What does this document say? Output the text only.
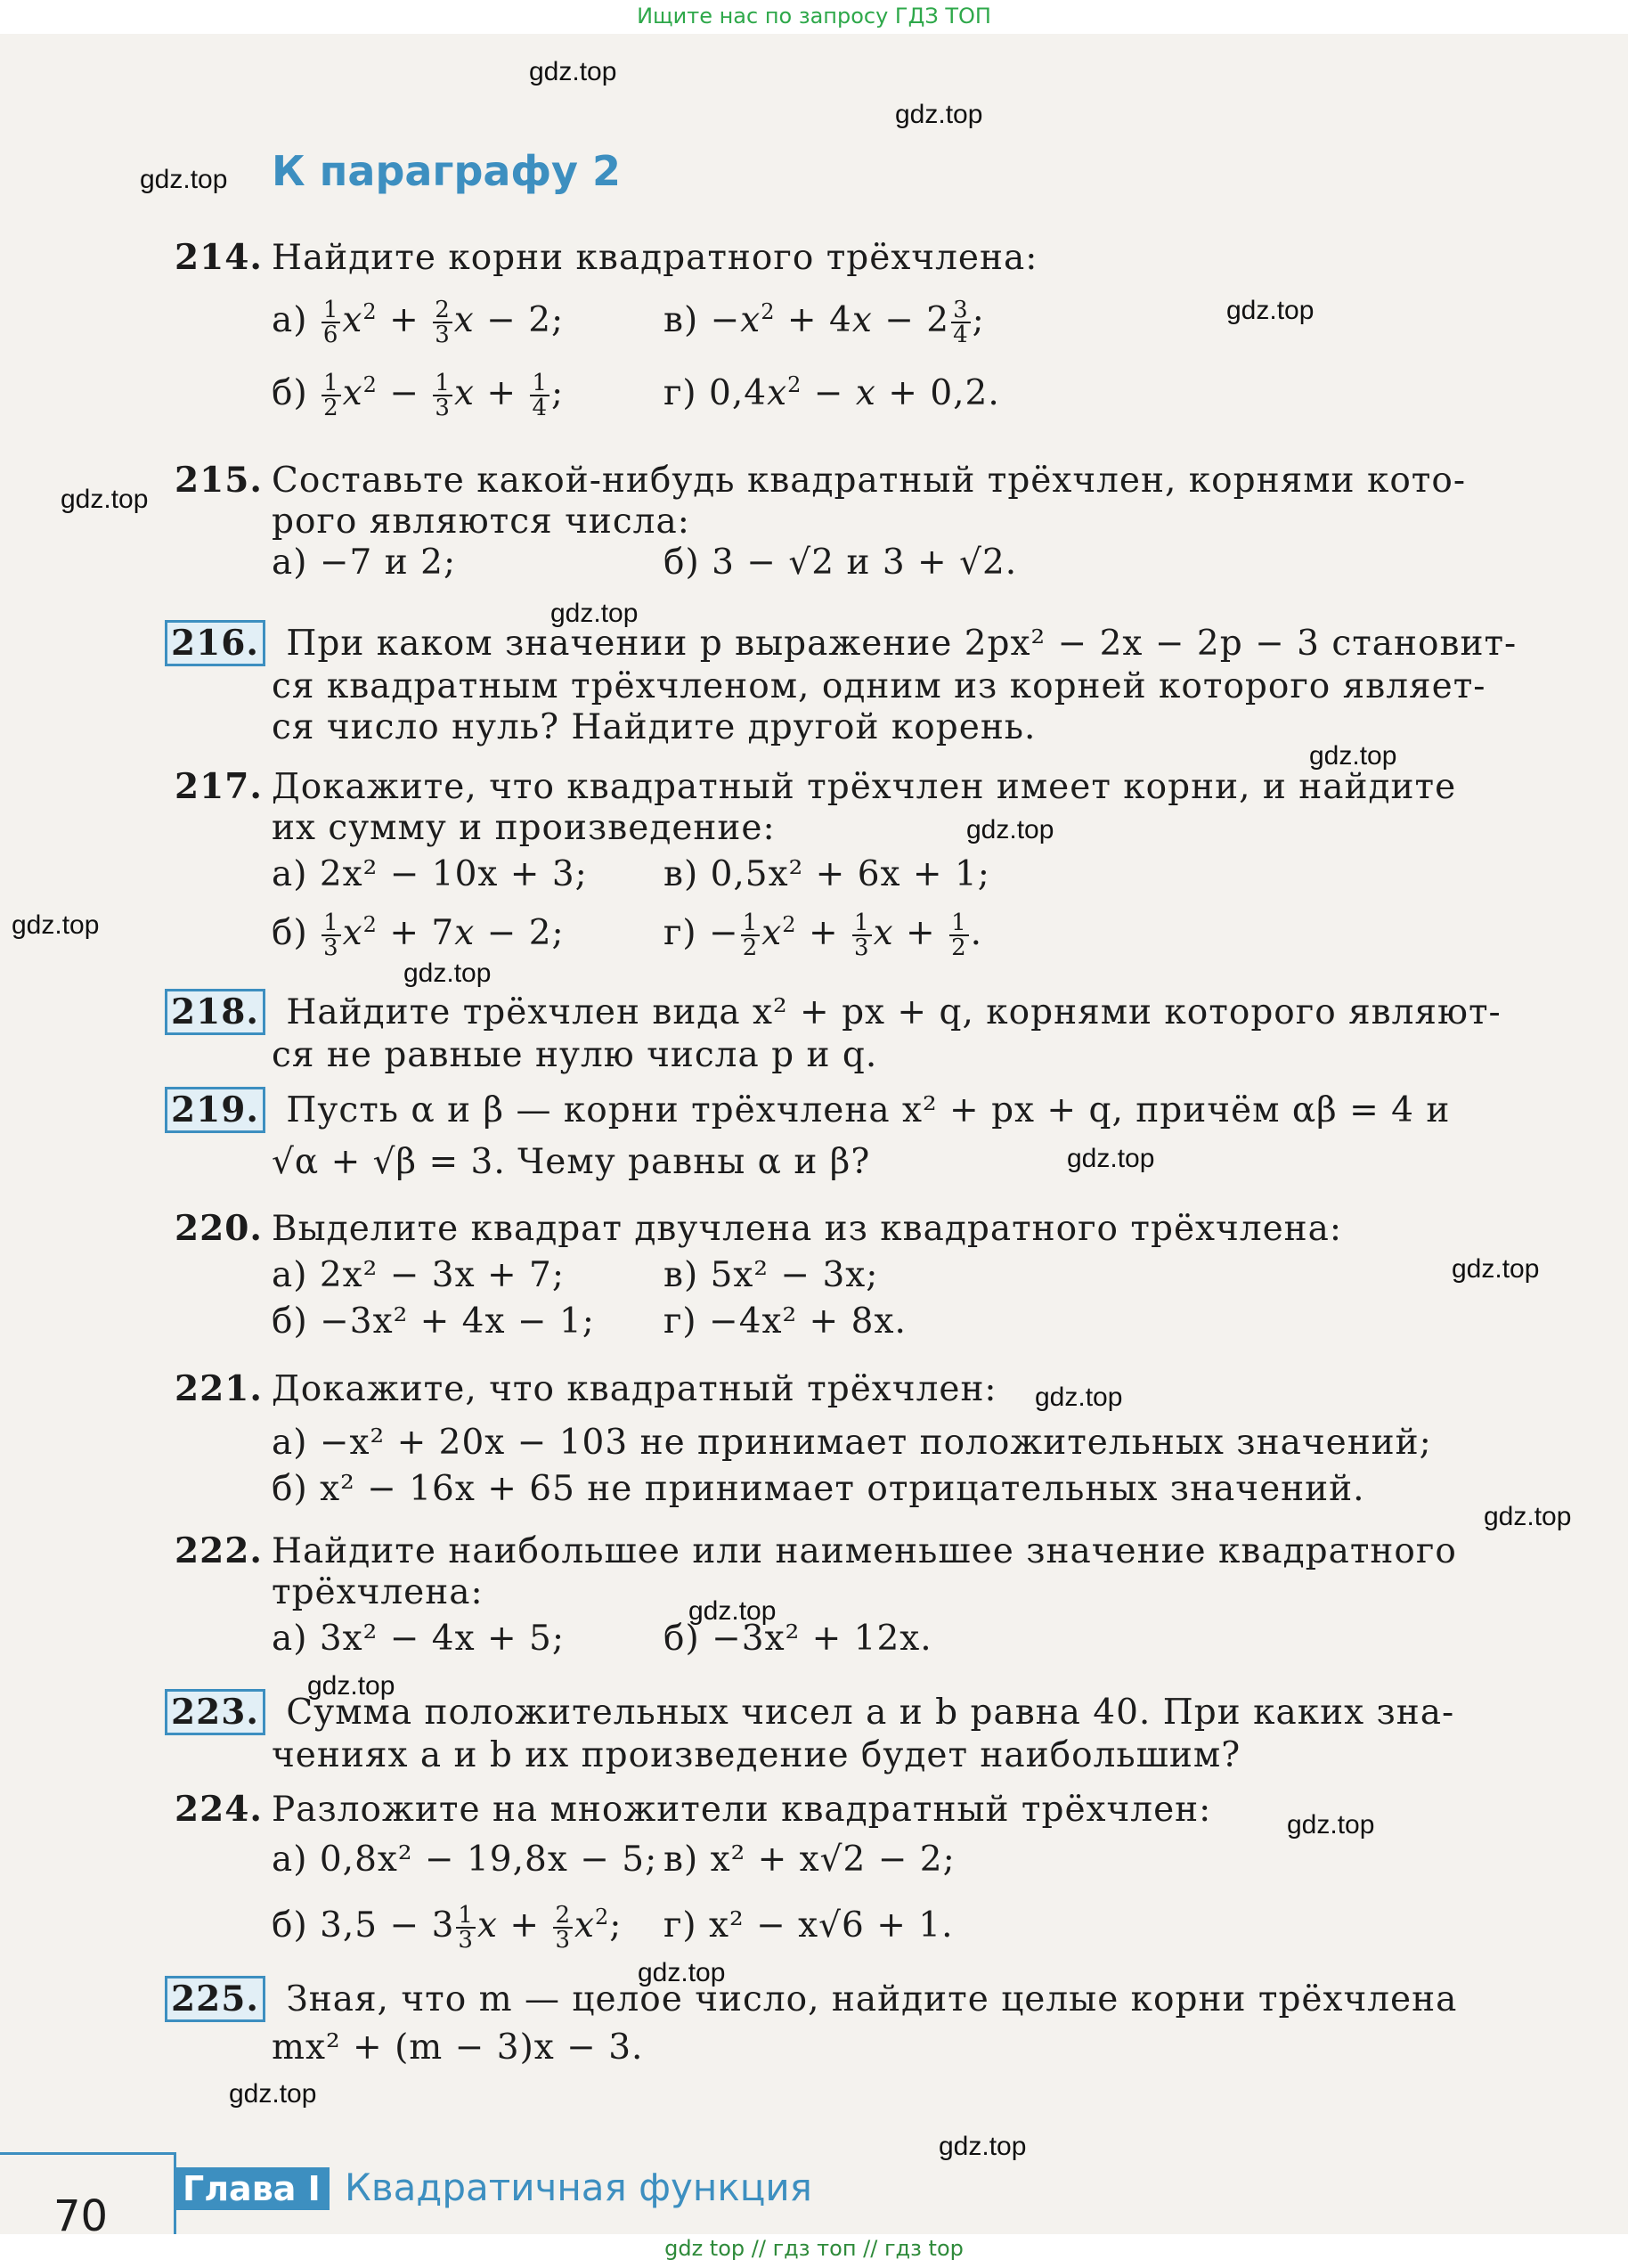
Ищите нас по запросу ГДЗ ТОП
К параграфу 2
214. Найдите корни квадратного трёхчлена:
$а) \frac{1}{6} x^2 + \frac{2}{3}$ x − 2;	$в) -x^2 + 4x - 2 \frac{3}{4}$ ;
$б) \frac{1}{2} x^2 - \frac{1}{3}$ $x + \frac{1}{4}$ ;	г) $0,4x^2 - x + 0,2$.
215. Составьте какой-нибудь квадратный трёхчлен, корнями кото-
рого являются числа:
а) −7 и 2;	б) 3 − √2 и 3 + √2.
216. При каком значении p выражение 2px² − 2x − 2p − 3 становит-
ся квадратным трёхчленом, одним из корней которого являет-
ся число нуль? Найдите другой корень.
217. Докажите, что квадратный трёхчлен имеет корни, и найдите
их сумму и произведение:
а) 2x² − 10x + 3; в) 0,5x² + 6x + 1;
$б) \frac{1}{3} x^2 + 7x - 2$;	$г) - \frac{1}{2} x^2 + \frac{1}{3}$ $x + \frac{1}{2}$ .
218. Найдите трёхчлен вида x² + px + q, корнями которого являют-
ся не равные нулю числа p и q.
219. Пусть α и β — корни трёхчлена x² + px + q, причём αβ = 4 и
√α + √β = 3. Чему равны α и β?
220. Выделите квадрат двучлена из квадратного трёхчлена:
а) 2x² − 3x + 7;	в) 5x² − 3x;
б) −3x² + 4x − 1; г) −4x² + 8x.
221. Докажите, что квадратный трёхчлен:
а) −x² + 20x − 103 не принимает положительных значений;
б) x² − 16x + 65 не принимает отрицательных значений.
222. Найдите наибольшее или наименьшее значение квадратного
трёхчлена:
а) 3x² − 4x + 5;	б) −3x² + 12x.
223. Сумма положительных чисел a и b равна 40. При каких зна-
чениях a и b их произведение будет наибольшим?
224. Разложите на множители квадратный трёхчлен:
а) 0,8x² − 19,8x − 5; в) x² + x√2 − 2;
б) $3,5 - 3 \frac{1}{3}$ $x + \frac{2}{3} x^2$; г) x² − x√6 + 1.
225. Зная, что m — целое число, найдите целые корни трёхчлена
mx² + (m − 3)x − 3.
gdz.top
gdz.top
gdz.top
gdz.top
gdz.top
gdz.top
gdz.top
gdz.top
gdz.top
gdz.top
gdz.top
gdz.top
gdz.top
gdz.top
gdz.top
gdz.top
gdz.top
gdz.top
gdz.top
gdz.top
70
Глава I Квадратичная функция
gdz top // гдз топ // гдз top
